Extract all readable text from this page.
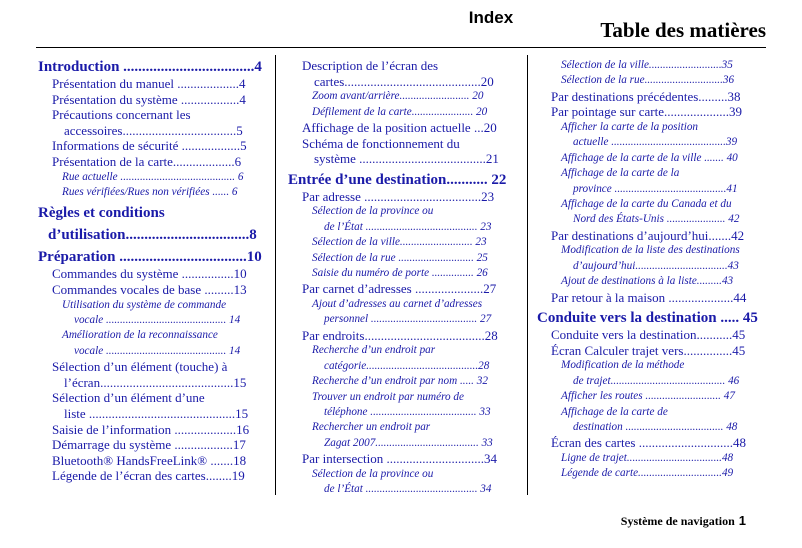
Index
Table des matières
Introduction ...................................4
Présentation du manuel ...................4
Présentation du système ..................4
Précautions concernant les
accessoires...................................5
Informations de sécurité ..................5
Présentation de la carte...................6
Rue actuelle ......................................... 6
Rues vérifiées/Rues non vérifiées ...... 6
Règles et conditions
d’utilisation.................................8
Préparation ..................................10
Commandes du système ................10
Commandes vocales de base .........13
Utilisation du système de commande
vocale ........................................... 14
Amélioration de la reconnaissance
vocale ........................................... 14
Sélection d’un élément (touche) à
l’écran.........................................15
Sélection d’un élément d’une
liste .............................................15
Saisie de l’information ...................16
Démarrage du système ..................17
Bluetooth® HandsFreeLink® .......18
Légende de l’écran des cartes........19
Description de l’écran des
cartes..........................................20
Zoom avant/arrière......................... 20
Défilement de la carte...................... 20
Affichage de la position actuelle ...20
Schéma de fonctionnement du
système .......................................21
Entrée d’une destination........... 22
Par adresse ....................................23
Sélection de la province ou
de l’État ........................................ 23
Sélection de la ville.......................... 23
Sélection de la rue ........................... 25
Saisie du numéro de porte ............... 26
Par carnet d’adresses .....................27
Ajout d’adresses au carnet d’adresses
personnel ...................................... 27
Par endroits.....................................28
Recherche d’un endroit par
catégorie........................................28
Recherche d’un endroit par nom ..... 32
Trouver un endroit par numéro de
téléphone ...................................... 33
Rechercher un endroit par
Zagat 2007..................................... 33
Par intersection ..............................34
Sélection de la province ou
de l’État ........................................ 34
Sélection de la ville..........................35
Sélection de la rue............................36
Par destinations précédentes.........38
Par pointage sur carte....................39
Afficher la carte de la position
actuelle .........................................39
Affichage de la carte de la ville ....... 40
Affichage de la carte de la
province ........................................41
Affichage de la carte du Canada et du
Nord des États-Unis ..................... 42
Par destinations d’aujourd’hui.......42
Modification de la liste des destinations
d’aujourd’hui.................................43
Ajout de destinations à la liste.........43
Par retour à la maison ....................44
Conduite vers la destination ..... 45
Conduite vers la destination...........45
Écran Calculer trajet vers...............45
Modification de la méthode
de trajet......................................... 46
Afficher les routes ........................... 47
Affichage de la carte de
destination ................................... 48
Écran des cartes .............................48
Ligne de trajet..................................48
Légende de carte..............................49
Système de navigation 1
